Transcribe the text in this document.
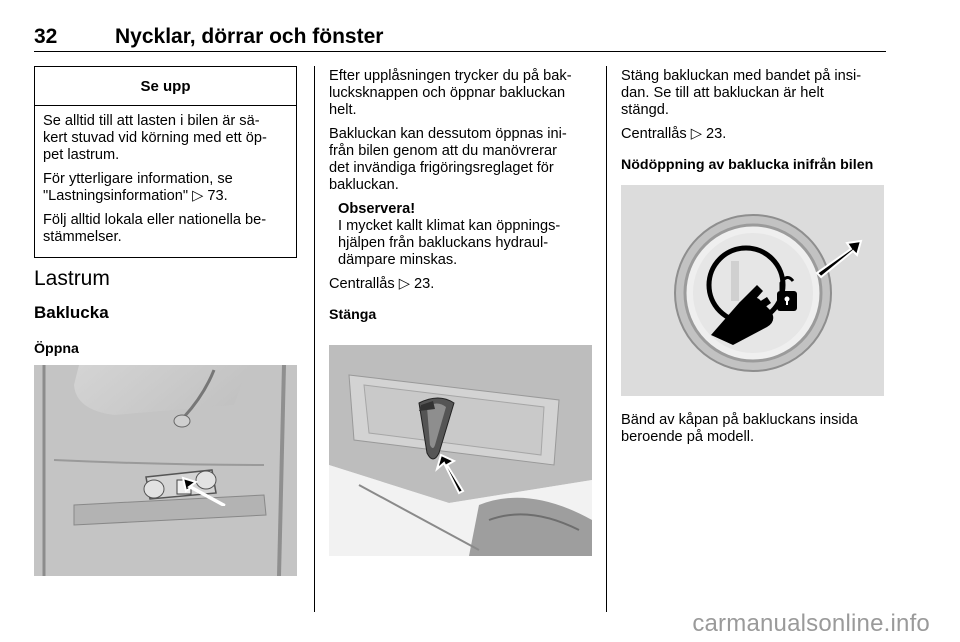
32	Nycklar, dörrar och fönster
Se upp

Se alltid till att lasten i bilen är sä-
kert stuvad vid körning med ett öp-
pet lastrum.

För ytterligare information, se
"Lastningsinformation" ▷ 73.

Följ alltid lokala eller nationella be-
stämmelser.

Lastrum
Baklucka
Öppna

Efter upplåsningen trycker du på bak-
lucksknappen och öppnar bakluckan
helt.

Bakluckan kan dessutom öppnas ini-
från bilen genom att du manövrerar
det invändiga frigöringsreglaget för
bakluckan.

Observera!

I mycket kallt klimat kan öppnings-
hjälpen från bakluckans hydraul-
dämpare minskas.

Centrallås ▷ 23.

Stänga

Stäng bakluckan med bandet på insi-
dan. Se till att bakluckan är helt
stängd.

Centrallås ▷ 23.

Nödöppning av baklucka inifrån bilen

Bänd av kåpan på bakluckans insida
beroende på modell.

carmanualsonline.info
